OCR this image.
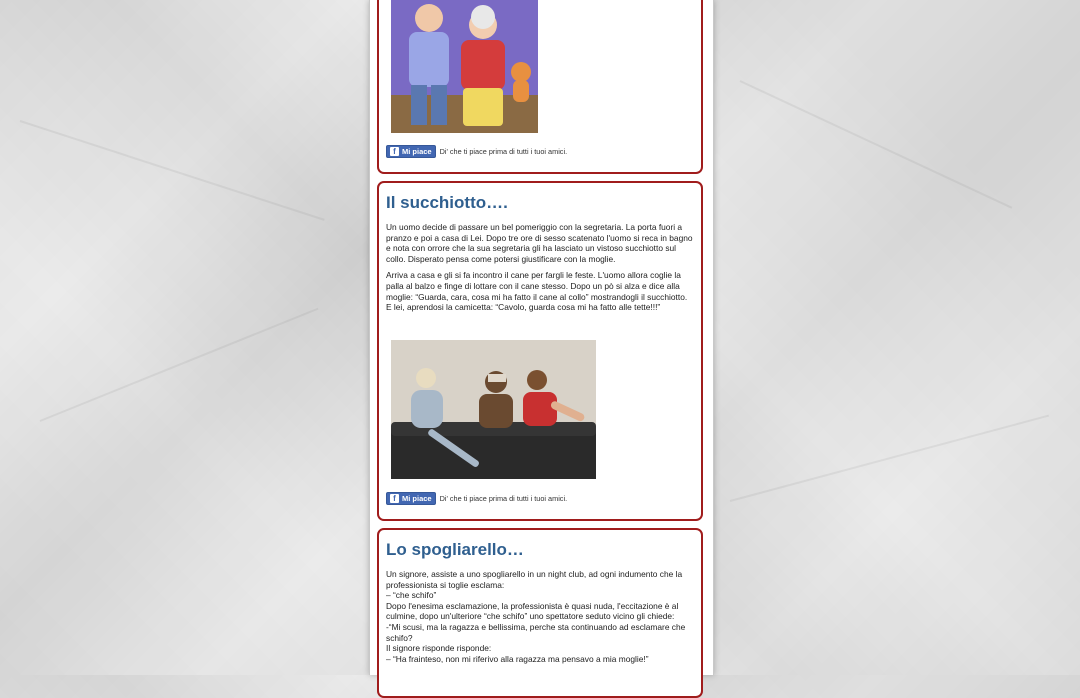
f Mi piace Di' che ti piace prima di tutti i tuoi amici.
Il succhiotto….

Un uomo decide di passare un bel pomeriggio con la segretaria. La porta fuori a pranzo e poi a casa di Lei. Dopo tre ore di sesso scatenato l'uomo si reca in bagno e nota con orrore che la sua segretaria gli ha lasciato un vistoso succhiotto sul collo. Disperato pensa come potersi giustificare con la moglie.

Arriva a casa e gli si fa incontro il cane per fargli le feste. L'uomo allora coglie la palla al balzo e finge di lottare con il cane stesso. Dopo un pò si alza e dice alla moglie: “Guarda, cara, cosa mi ha fatto il cane al collo” mostrandogli il succhiotto. E lei, aprendosi la camicetta: “Cavolo, guarda cosa mi ha fatto alle tette!!!”

f Mi piace Di' che ti piace prima di tutti i tuoi amici.
Lo spogliarello…
Un signore, assiste a uno spogliarello in un night club, ad ogni indumento che la professionista si toglie esclama:
– “che schifo”
Dopo l'enesima esclamazione, la professionista è quasi nuda, l'eccitazione è al culmine, dopo un'ulteriore “che schifo” uno spettatore seduto vicino gli chiede:
-“Mi scusi, ma la ragazza e bellissima, perche sta continuando ad esclamare che schifo?
Il signore risponde risponde:
– “Ha frainteso, non mi riferivo alla ragazza ma pensavo a mia moglie!”
